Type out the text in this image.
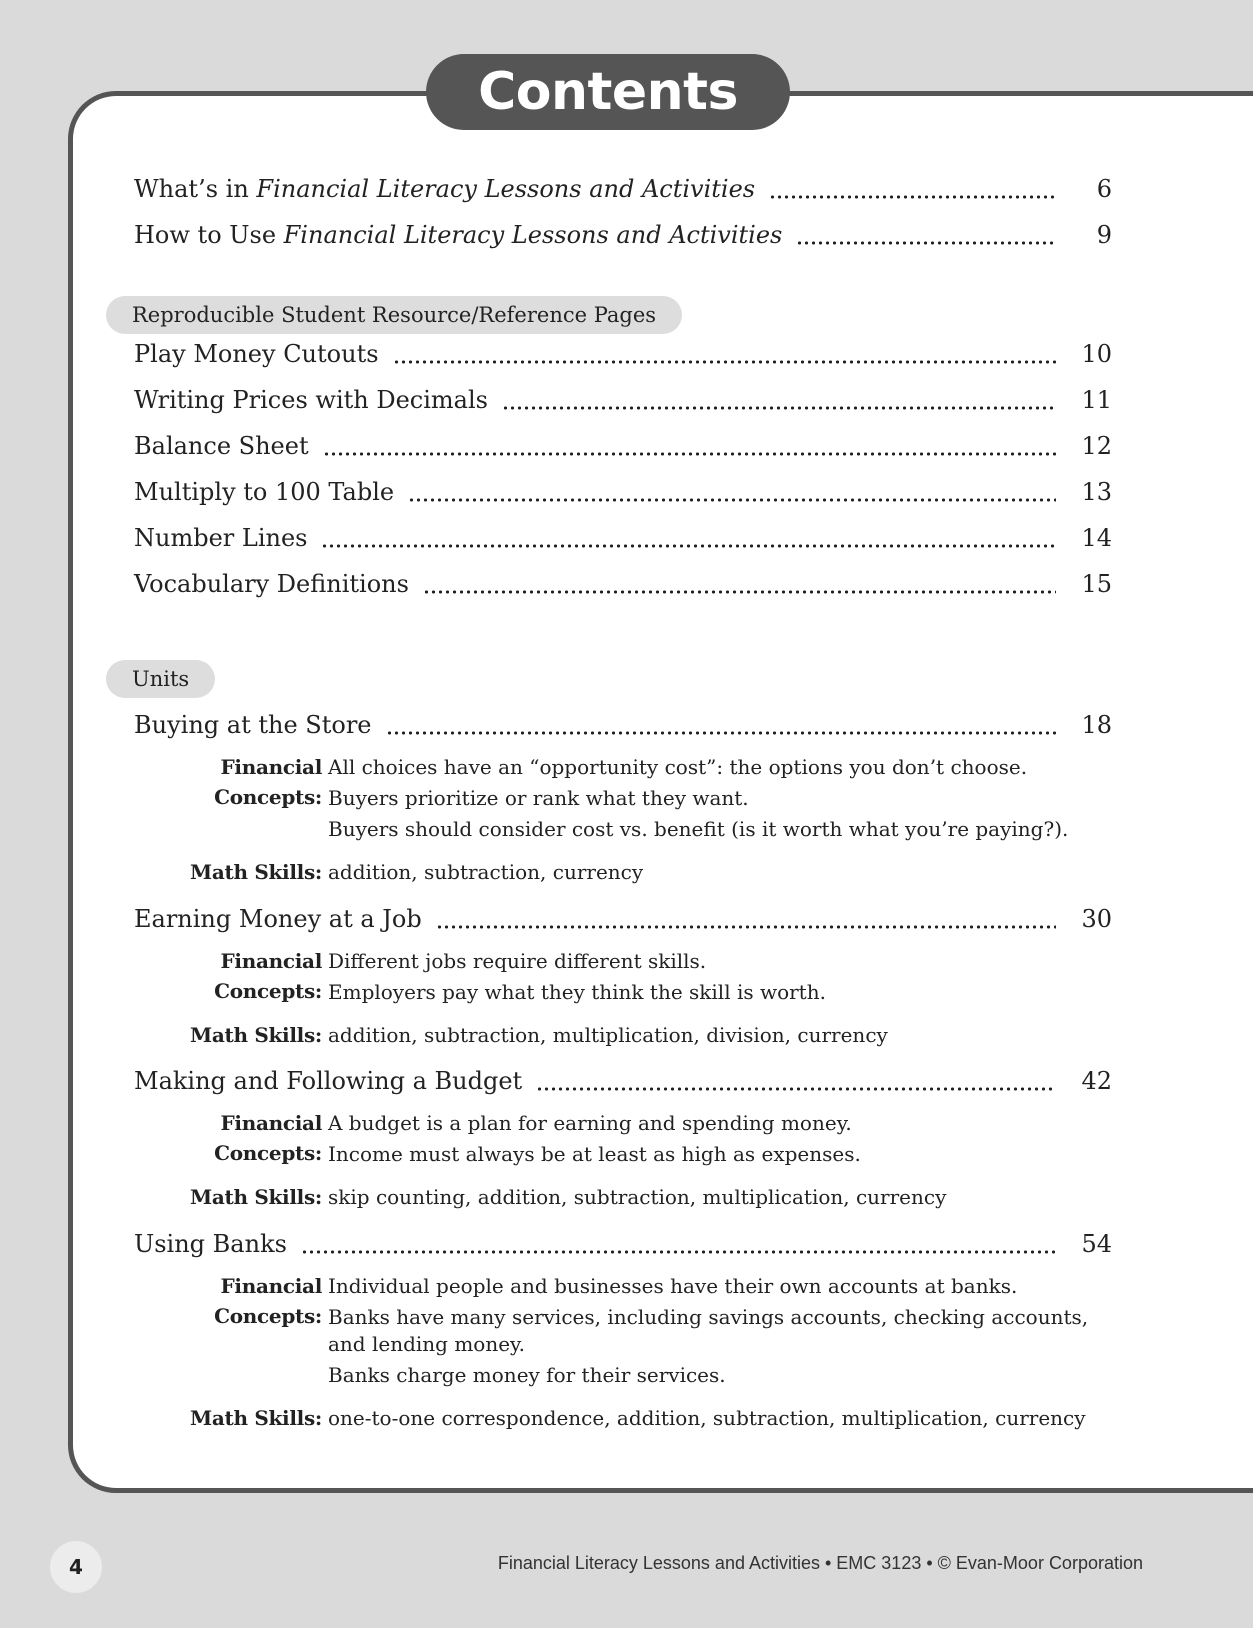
Contents
What’s in Financial Literacy Lessons and Activities	6
How to Use Financial Literacy Lessons and Activities	9
Reproducible Student Resource/Reference Pages
Play Money Cutouts	10
Writing Prices with Decimals	11
Balance Sheet	12
Multiply to 100 Table	13
Number Lines	14
Vocabulary Definitions	15
Units
Buying at the Store	18
Financial Concepts:
All choices have an “opportunity cost”: the options you don’t choose.
Buyers prioritize or rank what they want.
Buyers should consider cost vs. benefit (is it worth what you’re paying?).
Math Skills: addition, subtraction, currency
Earning Money at a Job	30
Financial Concepts:
Different jobs require different skills.
Employers pay what they think the skill is worth.
Math Skills: addition, subtraction, multiplication, division, currency
Making and Following a Budget	42
Financial Concepts:
A budget is a plan for earning and spending money.
Income must always be at least as high as expenses.
Math Skills: skip counting, addition, subtraction, multiplication, currency
Using Banks	54
Financial Concepts:
Individual people and businesses have their own accounts at banks.
Banks have many services, including savings accounts, checking accounts,
and lending money.
Banks charge money for their services.
Math Skills: one-to-one correspondence, addition, subtraction, multiplication, currency
4	Financial Literacy Lessons and Activities • EMC 3123 • © Evan-Moor Corporation
